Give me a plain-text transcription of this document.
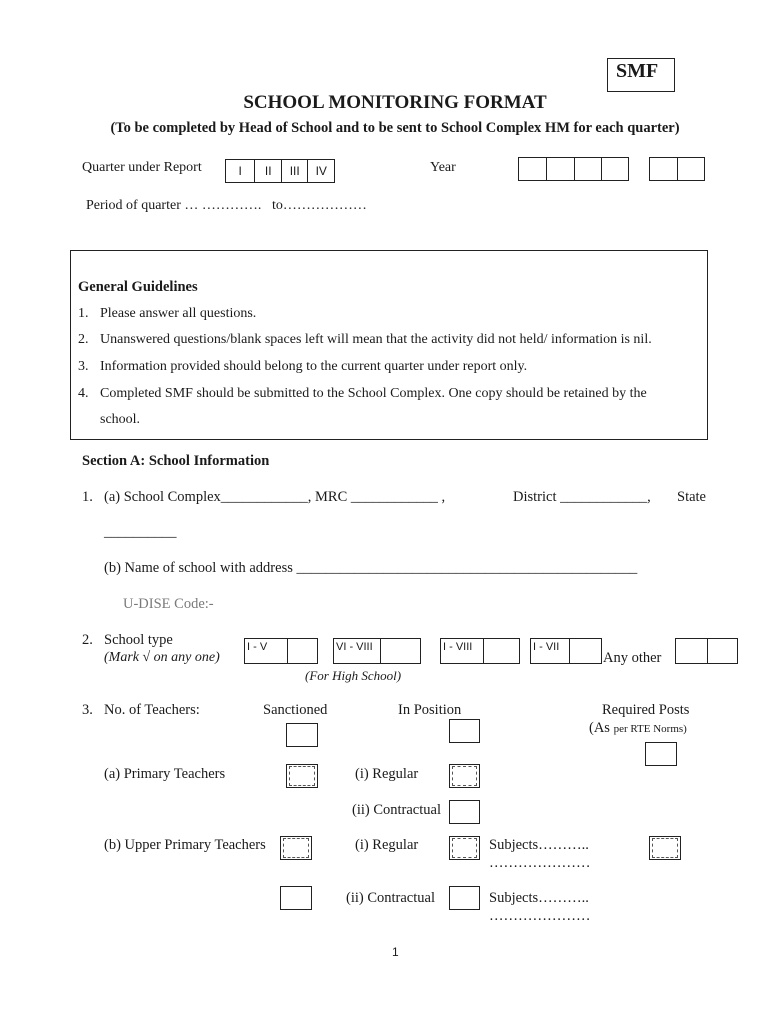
SMF
SCHOOL MONITORING FORMAT
(To be completed by Head of School and to be sent to School Complex HM for each quarter)
Quarter under Report	I	II	III	IV	Year
Period of quarter … …………. to………………
General Guidelines
1. Please answer all questions.
2. Unanswered questions/blank spaces left will mean that the activity did not held/ information is nil.
3. Information provided should belong to the current quarter under report only.
4. Completed SMF should be submitted to the School Complex. One copy should be retained by the
school.
Section A: School Information
1. (a) School Complex____________, MRC ____________ ,	District ____________, State
__________
(b) Name of school with address _______________________________________________
U-DISE Code:-
2. School type
(Mark √ on any one)
I - V	VI - VIII	I - VIII	I - VII
Any other
(For High School)
3. No. of Teachers:	Sanctioned	In Position	Required Posts
(As per RTE Norms)
(a) Primary Teachers	(i) Regular
(ii) Contractual
(b) Upper Primary Teachers	(i) Regular	Subjects………..
…………………
(ii) Contractual	Subjects………..
…………………
1
